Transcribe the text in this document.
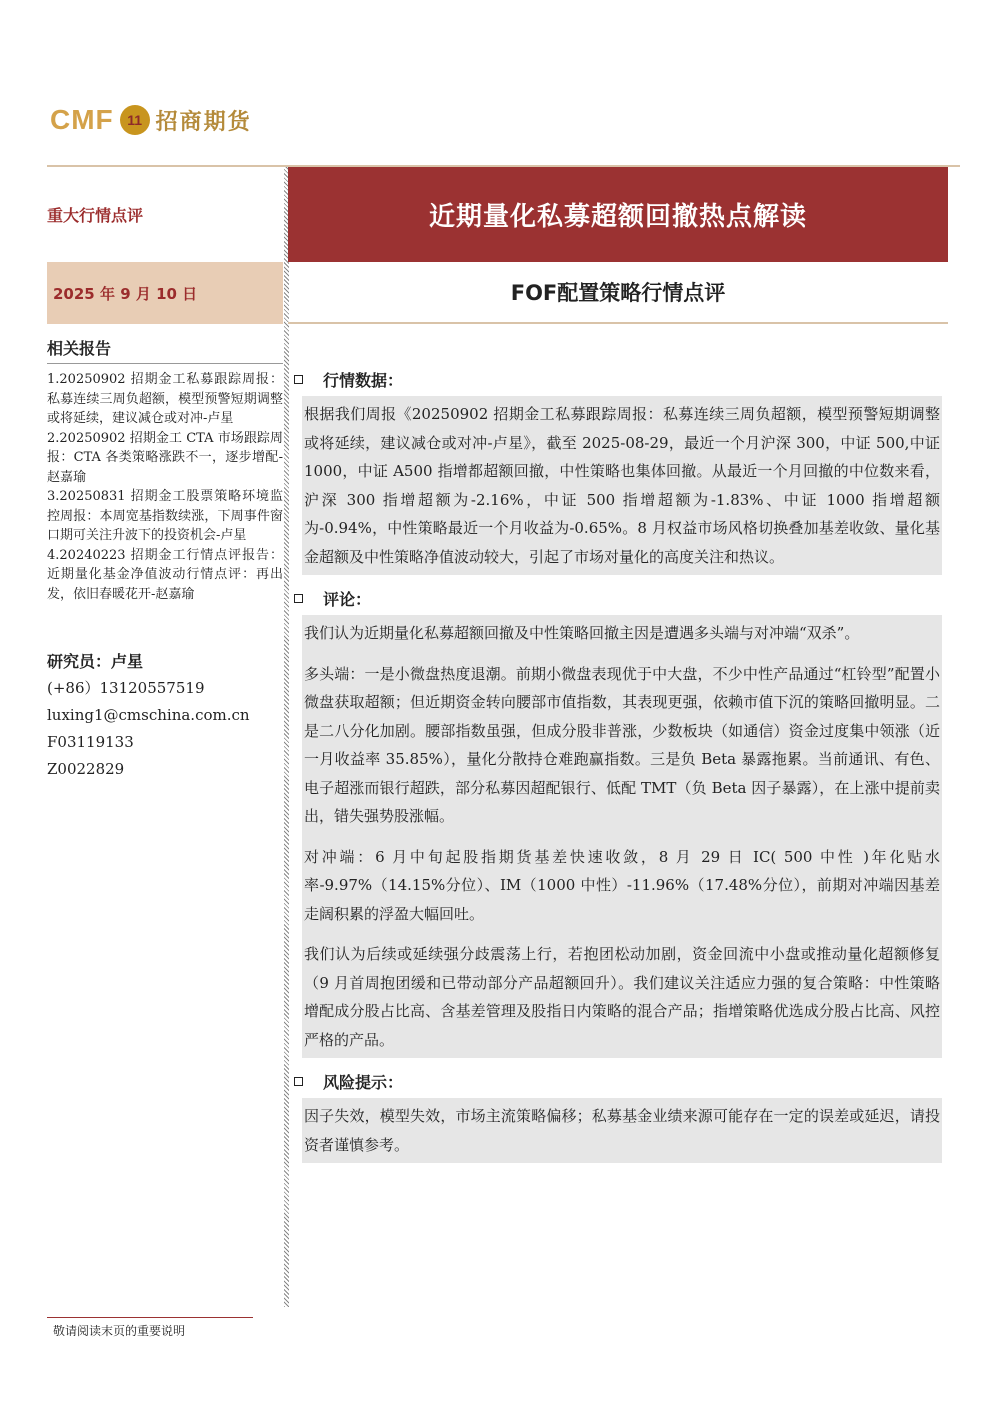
CMF 11 招商期货
重大行情点评
2025 年 9 月 10 日
相关报告
1.20250902 招期金工私募跟踪周报：私募连续三周负超额，模型预警短期调整或将延续，建议减仓或对冲-卢星
2.20250902 招期金工 CTA 市场跟踪周报：CTA 各类策略涨跌不一，逐步增配-赵嘉瑜
3.20250831 招期金工股票策略环境监控周报：本周宽基指数续涨，下周事件窗口期可关注升波下的投资机会-卢星
4.20240223 招期金工行情点评报告：近期量化基金净值波动行情点评：再出发，依旧春暖花开-赵嘉瑜
研究员：卢星
(+86）13120557519
luxing1@cmschina.com.cn
F03119133
Z0022829
近期量化私募超额回撤热点解读
FOF配置策略行情点评
行情数据：
根据我们周报《20250902 招期金工私募跟踪周报：私募连续三周负超额，模型预警短期调整或将延续，建议减仓或对冲-卢星》，截至 2025-08-29，最近一个月沪深 300，中证 500,中证 1000，中证 A500 指增都超额回撤，中性策略也集体回撤。从最近一个月回撤的中位数来看，沪深 300 指增超额为-2.16%，中证 500 指增超额为-1.83%、中证 1000 指增超额为-0.94%，中性策略最近一个月收益为-0.65%。8 月权益市场风格切换叠加基差收敛、量化基金超额及中性策略净值波动较大，引起了市场对量化的高度关注和热议。
评论：
我们认为近期量化私募超额回撤及中性策略回撤主因是遭遇多头端与对冲端“双杀”。
多头端：一是小微盘热度退潮。前期小微盘表现优于中大盘，不少中性产品通过“杠铃型”配置小微盘获取超额；但近期资金转向腰部市值指数，其表现更强，依赖市值下沉的策略回撤明显。二是二八分化加剧。腰部指数虽强，但成分股非普涨，少数板块（如通信）资金过度集中领涨（近一月收益率 35.85%），量化分散持仓难跑赢指数。三是负 Beta 暴露拖累。当前通讯、有色、电子超涨而银行超跌，部分私募因超配银行、低配 TMT（负 Beta 因子暴露），在上涨中提前卖出，错失强势股涨幅。
对冲端：6 月中旬起股指期货基差快速收敛，8 月 29 日 IC( 500 中性 )年化贴水率-9.97%（14.15%分位）、IM（1000 中性）-11.96%（17.48%分位），前期对冲端因基差走阔积累的浮盈大幅回吐。
我们认为后续或延续强分歧震荡上行，若抱团松动加剧，资金回流中小盘或推动量化超额修复（9 月首周抱团缓和已带动部分产品超额回升）。我们建议关注适应力强的复合策略：中性策略增配成分股占比高、含基差管理及股指日内策略的混合产品；指增策略优选成分股占比高、风控严格的产品。
风险提示：
因子失效，模型失效，市场主流策略偏移；私募基金业绩来源可能存在一定的误差或延迟，请投资者谨慎参考。
敬请阅读末页的重要说明
